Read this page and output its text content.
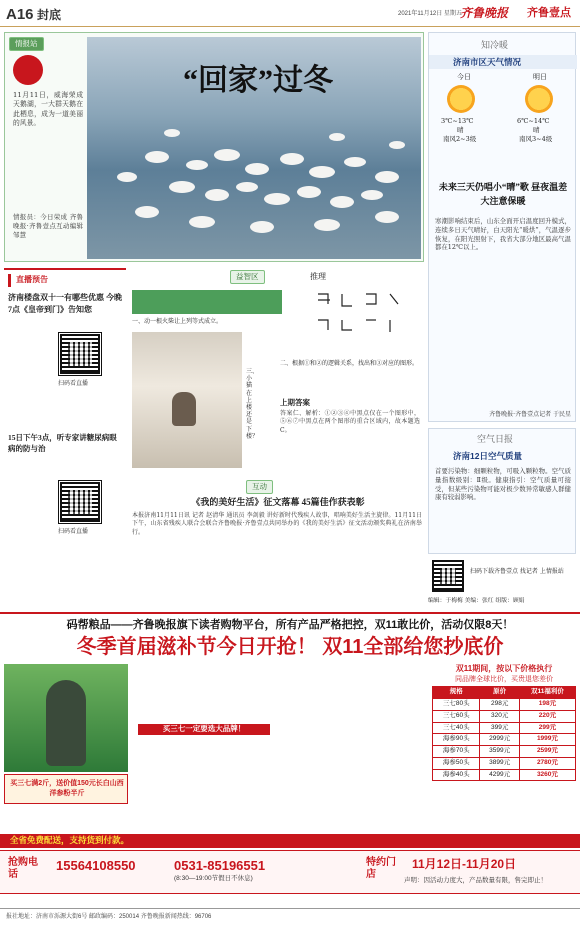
A16 封底	2021年11月12日 星期五
齐鲁晚报 齐鲁壹点
情报站
11月11日，威海荣成天鹅湖，一大群天鹅在此栖息，成为一道美丽的风景。
情报员：今日荣成 齐鲁晚报·齐鲁壹点互动编辑 邹慧
“回家”过冬
知冷暖
济南市区天气情况
今日	明日
3℃~13℃
晴
南风2~3级
6℃~14℃
晴
南风3~4级
未来三天仍唱小“晴”歌 昼夜温差大注意保暖
寒潮影响结束后，山东全面开启温度回升模式，连续多日天气晴好，白天阳光“暖烘”，气温逐步恢复，在阳光照射下，我省大部分地区最高气温都在12℃以上。
齐鲁晚报·齐鲁壹点记者 于民星
空气日报
济南12日空气质量
首要污染物：细颗粒物，可吸入颗粒物。空气质量指数级别：Ⅱ级。健康指引：空气质量可接受，但某些污染物可能对极少数异常敏感人群健康有较弱影响。
直播预告
济南楼盘双十一有哪些优惠 今晚7点《皇帝到门》告知您
扫码看直播
15日下午3点，听专家讲糖尿病眼病的防与治
扫码看直播
益智区	推理
一、动一根火柴让上列等式成立。
三、小猫在上楼还是下楼？
二、根据①和②的逻辑关系，找出和③对应的图形。
上期答案
答案仁、解析：①②③④中黑点仅在一个图形中，⑤⑥⑦中黑点在两个图形的重合区域内，故本题选C。
互动
《我的美好生活》征文落幕 45篇佳作获表彰
本报济南11月11日讯 记者 赵清华 通讯员 李剑毅 讲好新时代残疾人故事，唱响美好生活主旋律。11月11日下午，山东省残疾人联合会联合齐鲁晚报·齐鲁壹点共同举办的《我的美好生活》征文活动颁奖典礼在济南举行。
扫码下载齐鲁壹点 找记者 上情报站
编辑：于梅梅 美编：张红 组版：顾娟
码帮粮品——齐鲁晚报旗下读者购物平台，所有产品严格把控，双11敢比价，活动仅限8天！
冬季首届滋补节今日开抢！ 双11全部给您抄底价
买三七满2斤，送价值150元长白山西洋参粉半斤
买三七一定要选大品牌！
双11期间，按以下价格执行
同品牌全球比价，买贵退您差价
规格	原价	双11福利价
三七80头	298元	198元
三七60头	320元	220元
三七40头	399元	299元
海参90头	2999元	1999元
海参70头	3599元	2599元
海参50头	3899元	2780元
海参40头	4299元	3260元
全省免费配送，支持货到付款。
抢购电话
15564108550	0531-85196551
(8:30—19:00节假日不休息)
特约门店
11月12日-11月20日
声明：因活动力度大，产品数量有限，售完即止！
报社地址：济南市泺源大街6号 邮政编码：250014 齐鲁晚报新闻热线：96706
